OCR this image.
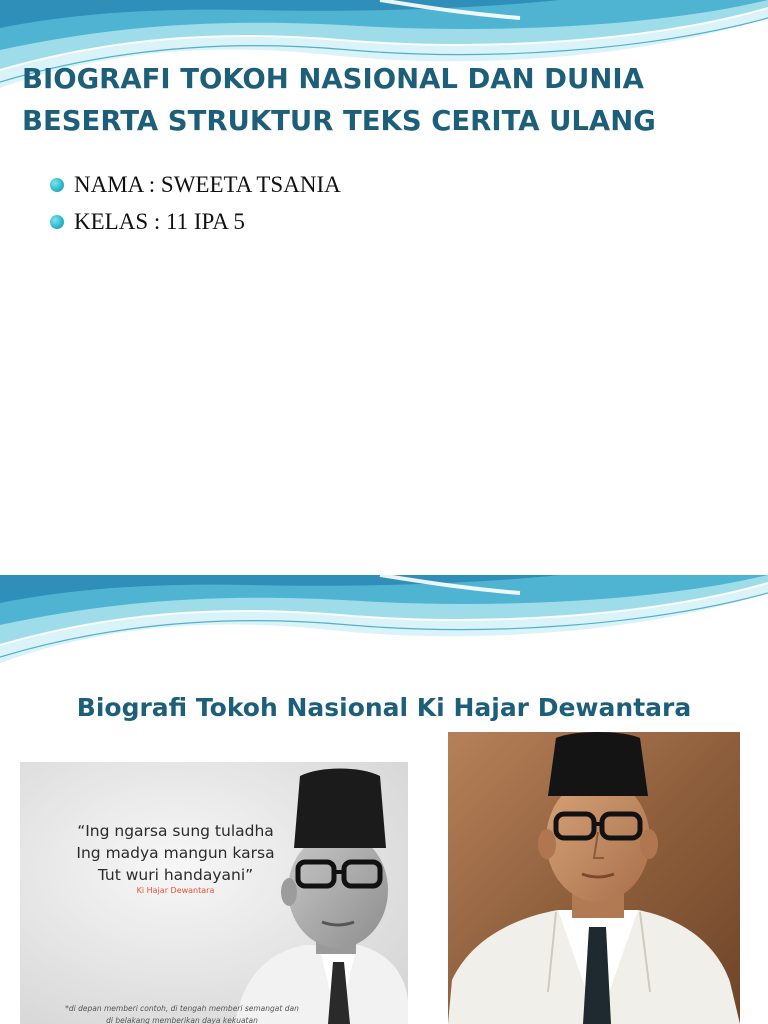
BIOGRAFI TOKOH NASIONAL DAN DUNIA
BESERTA STRUKTUR TEKS CERITA ULANG
NAMA : SWEETA TSANIA
KELAS : 11 IPA 5
Biografi Tokoh Nasional Ki Hajar Dewantara

“Ing ngarsa sung tuladha
Ing madya mangun karsa
Tut wuri handayani”

Ki Hajar Dewantara

*di depan memberi contoh, di tengah memberi semangat dan di belakang memberikan daya kekuatan
